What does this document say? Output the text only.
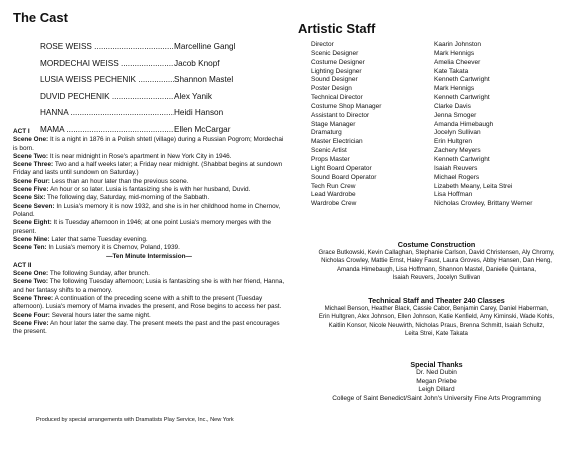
The Cast
ROSE WEISS .....	Marcelline Gangl
MORDECHAI WEISS .....	Jacob Knopf
LUSIA WEISS PECHENIK .....	Shannon Mastel
DUVID PECHENIK .....	Alex Yanik
HANNA .....	Heidi Hanson
MAMA .....	Ellen McCargar
ACT I
Scene One: It is a night in 1876 in a Polish shtetl (village) during a Russian Pogrom; Mordechai is born.
Scene Two: It is near midnight in Rose's apartment in New York City in 1946.
Scene Three: Two and a half weeks later; a Friday near midnight. (Shabbat begins at sundown Friday and lasts until sundown on Saturday.)
Scene Four: Less than an hour later than the previous scene.
Scene Five: An hour or so later. Lusia is fantasizing she is with her husband, Duvid.
Scene Six: The following day, Saturday, mid-morning of the Sabbath.
Scene Seven: In Lusia's memory it is now 1932, and she is in her childhood home in Chernov, Poland.
Scene Eight: It is Tuesday afternoon in 1946; at one point Lusia's memory merges with the present.
Scene Nine: Later that same Tuesday evening.
Scene Ten: In Lusia's memory it is Chernov, Poland, 1939.
—Ten Minute Intermission—
ACT II
Scene One: The following Sunday, after brunch.
Scene Two: The following Tuesday afternoon; Lusia is fantasizing she is with her friend, Hanna, and her fantasy shifts to a memory.
Scene Three: A continuation of the preceding scene with a shift to the present (Tuesday afternoon). Lusia's memory of Mama invades the present, and Rose begins to access her past.
Scene Four: Several hours later the same night.
Scene Five: An hour later the same day. The present meets the past and the past encourages the present.
Produced by special arrangements with Dramatists Play Service, Inc., New York
Artistic Staff
Director	Kaarin Johnston
Scenic Designer	Mark Hennigs
Costume Designer	Amelia Cheever
Lighting Designer	Kate Takata
Sound Designer	Kenneth Cartwright
Poster Design	Mark Hennigs
Technical Director	Kenneth Cartwright
Costume Shop Manager	Clarke Davis
Assistant to Director	Jenna Smoger
Stage Manager	Amanda Himebaugh
Dramaturg	Jocelyn Sullivan
Master Electrician	Erin Hultgren
Scenic Artist	Zachery Meyers
Props Master	Kenneth Cartwright
Light Board Operator	Isaiah Reuvers
Sound Board Operator	Michael Rogers
Tech Run Crew	Lizabeth Meany, Leita Strei
Lead Wardrobe	Lisa Hoffman
Wardrobe Crew	Nicholas Crowley, Brittany Werner
Costume Construction
Grace Butkowski, Kevin Callaghan, Stephanie Carlson, David Christensen, Aly Chromy,
Nicholas Crowley, Mattie Ernst, Haley Faust, Laura Groves, Abby Hansen, Dan Heng,
Amanda Himebaugh, Lisa Hoffmann, Shannon Mastel, Danielle Quintana,
Isaiah Reuvers, Jocelyn Sullivan
Technical Staff and Theater 240 Classes
Michael Benson, Heather Black, Cassie Cabor, Benjamin Carey, Daniel Haberman,
Erin Hultgren, Alex Johnson, Ellen Johnson, Katie Kenfield, Amy Kiminski, Wade Kohls,
Kaitlin Konsor, Nicole Neuwirth, Nicholas Praus, Brenna Schmitt, Isaiah Schultz,
Leita Strei, Kate Takata
Special Thanks
Dr. Ned Dubin
Megan Priebe
Leigh Dillard
College of Saint Benedict/Saint John's University Fine Arts Programming
